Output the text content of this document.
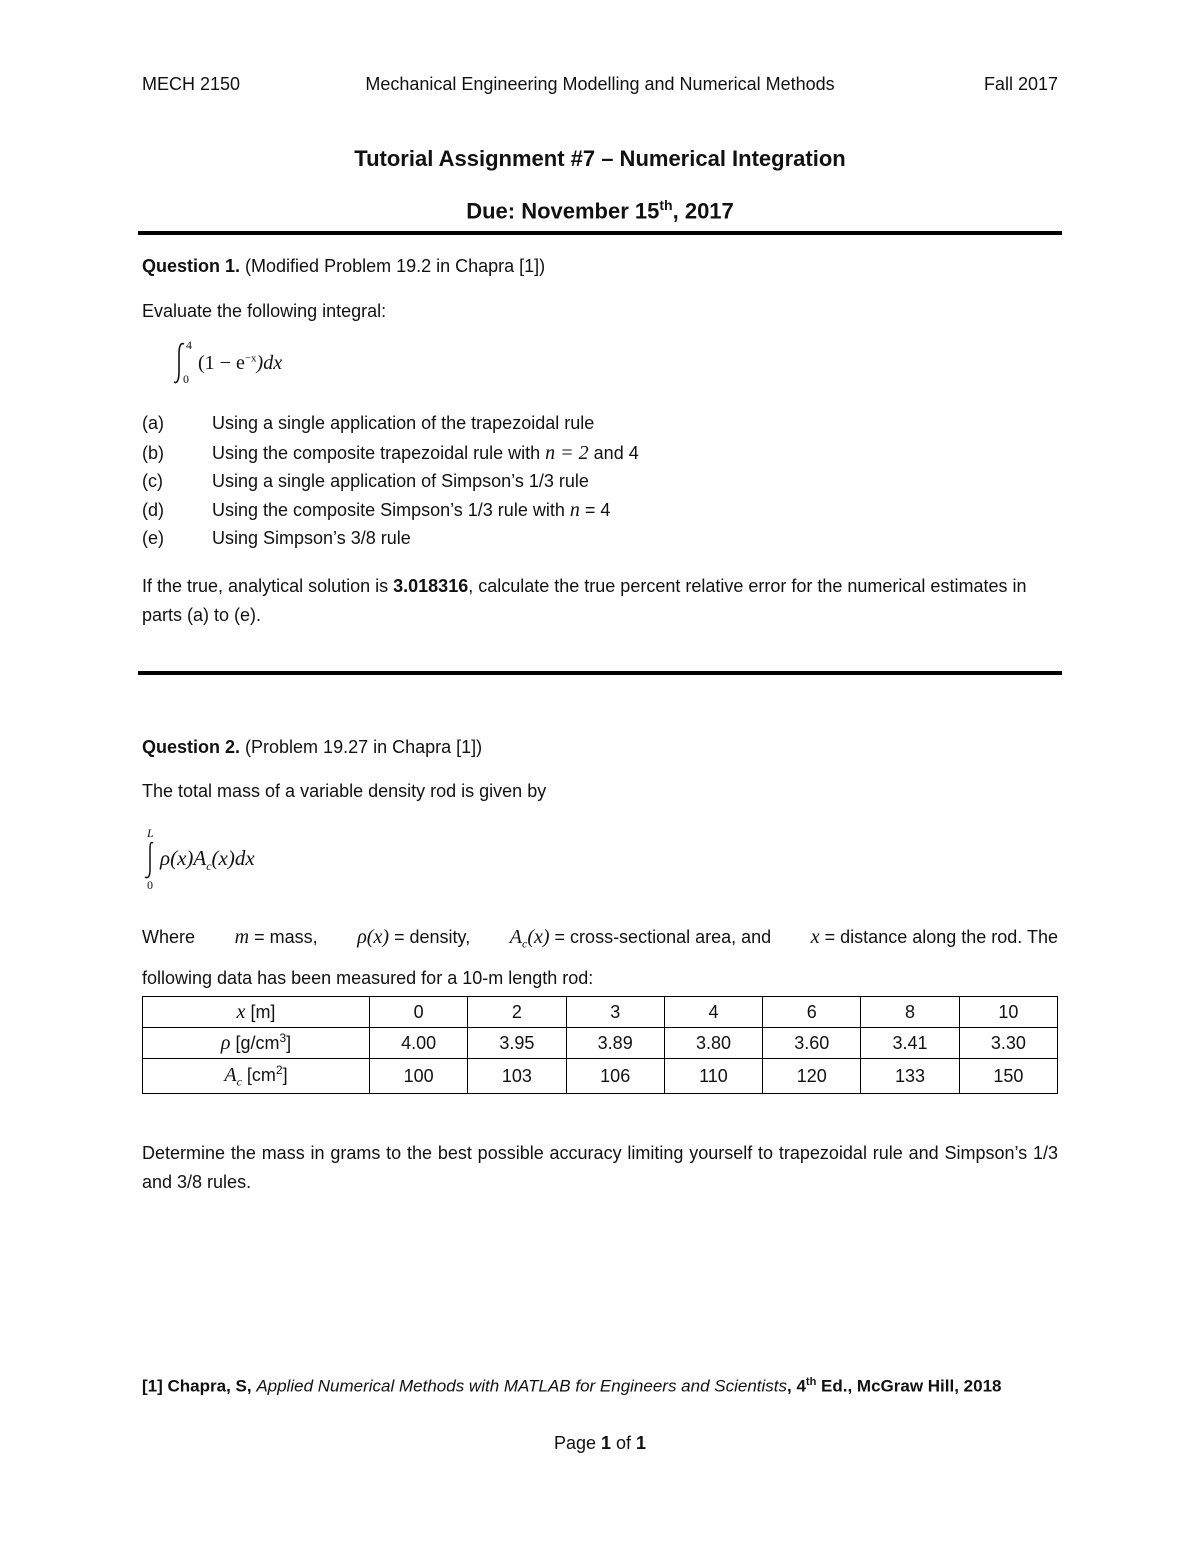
MECH 2150	Mechanical Engineering Modelling and Numerical Methods	Fall 2017
Tutorial Assignment #7 – Numerical Integration
Due: November 15th, 2017
Question 1. (Modified Problem 19.2 in Chapra [1])
Evaluate the following integral:
4
0
$(1 - e^{-x})dx$
(a)	Using a single application of the trapezoidal rule
(b)	Using the composite trapezoidal rule with n = 2 and 4
(c)	Using a single application of Simpson’s 1/3 rule
(d)	Using the composite Simpson’s 1/3 rule with n = 4
(e)	Using Simpson’s 3/8 rule
If the true, analytical solution is 3.018316, calculate the true percent relative error for the numerical estimates in parts (a) to (e).
Question 2. (Problem 19.27 in Chapra [1])
The total mass of a variable density rod is given by
L
0
$\rho(x)A_c(x)dx$
Where m = mass, ρ(x) = density, $A_c(x)$ = cross-sectional area, and x = distance along the rod. The
following data has been measured for a 10-m length rod:
x [m]	0	2	3	4	6	8	10
ρ $[g/cm^3]$	4.00	3.95	3.89	3.80	3.60	3.41	3.30
$A_c$ $[cm^2]$	100	103	106	110	120	133	150
Determine the mass in grams to the best possible accuracy limiting yourself to trapezoidal rule and Simpson’s 1/3 and 3/8 rules.
[1] Chapra, S, Applied Numerical Methods with MATLAB for Engineers and Scientists, 4th Ed., McGraw Hill, 2018
Page 1 of 1
